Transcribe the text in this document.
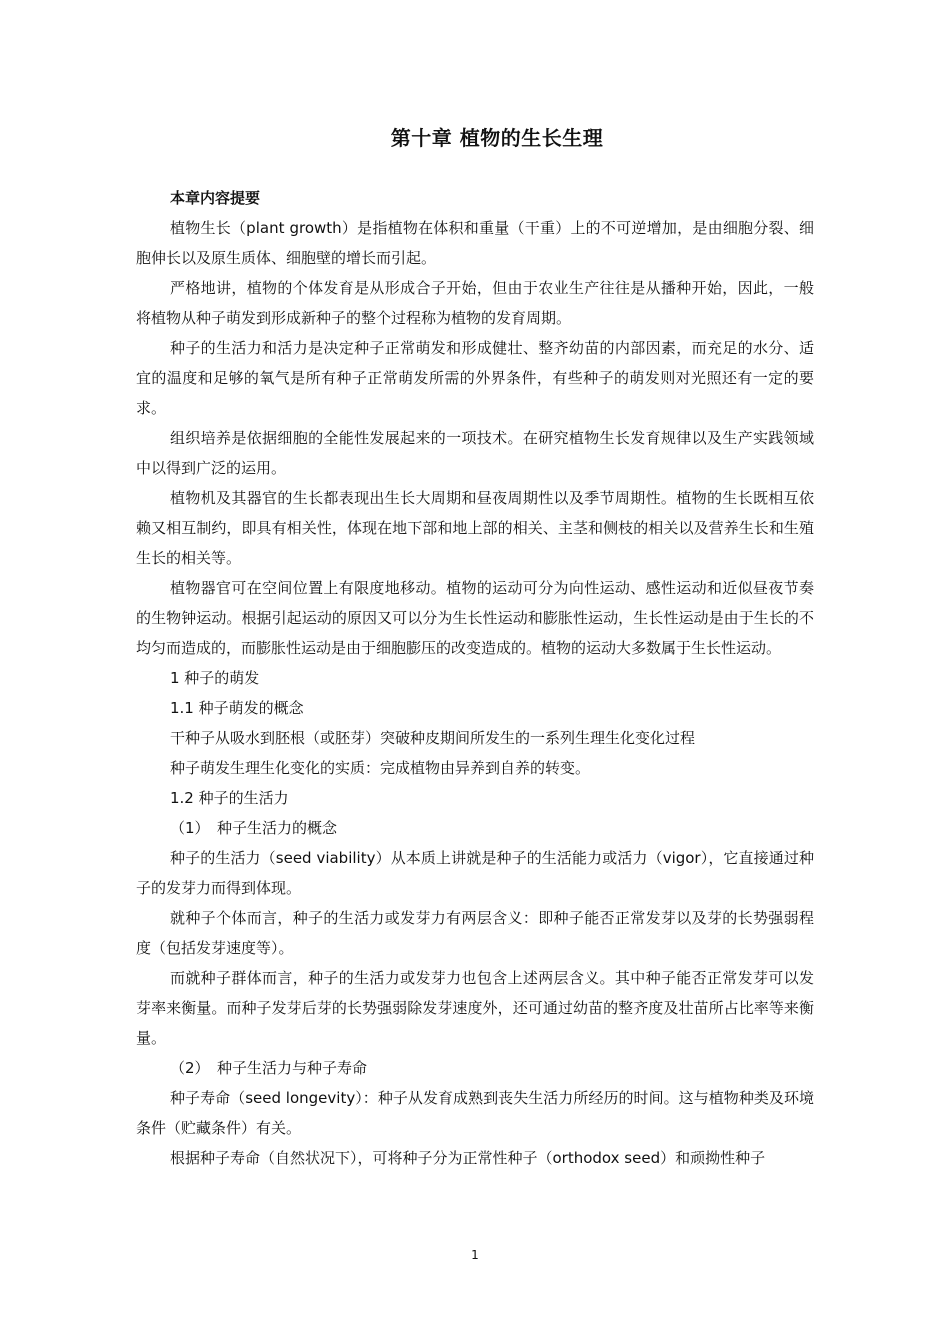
第十章 植物的生长生理

本章内容提要

植物生长（plant growth）是指植物在体积和重量（干重）上的不可逆增加，是由细胞分裂、细胞伸长以及原生质体、细胞壁的增长而引起。

严格地讲，植物的个体发育是从形成合子开始，但由于农业生产往往是从播种开始，因此，一般将植物从种子萌发到形成新种子的整个过程称为植物的发育周期。

种子的生活力和活力是决定种子正常萌发和形成健壮、整齐幼苗的内部因素，而充足的水分、适宜的温度和足够的氧气是所有种子正常萌发所需的外界条件，有些种子的萌发则对光照还有一定的要求。

组织培养是依据细胞的全能性发展起来的一项技术。在研究植物生长发育规律以及生产实践领域中以得到广泛的运用。

植物机及其器官的生长都表现出生长大周期和昼夜周期性以及季节周期性。植物的生长既相互依赖又相互制约，即具有相关性，体现在地下部和地上部的相关、主茎和侧枝的相关以及营养生长和生殖生长的相关等。

植物器官可在空间位置上有限度地移动。植物的运动可分为向性运动、感性运动和近似昼夜节奏的生物钟运动。根据引起运动的原因又可以分为生长性运动和膨胀性运动，生长性运动是由于生长的不均匀而造成的，而膨胀性运动是由于细胞膨压的改变造成的。植物的运动大多数属于生长性运动。

1 种子的萌发

1.1 种子萌发的概念

干种子从吸水到胚根（或胚芽）突破种皮期间所发生的一系列生理生化变化过程

种子萌发生理生化变化的实质：完成植物由异养到自养的转变。

1.2 种子的生活力

（1）　种子生活力的概念

种子的生活力（seed viability）从本质上讲就是种子的生活能力或活力（vigor），它直接通过种子的发芽力而得到体现。

就种子个体而言，种子的生活力或发芽力有两层含义：即种子能否正常发芽以及芽的长势强弱程度（包括发芽速度等）。

而就种子群体而言，种子的生活力或发芽力也包含上述两层含义。其中种子能否正常发芽可以发芽率来衡量。而种子发芽后芽的长势强弱除发芽速度外，还可通过幼苗的整齐度及壮苗所占比率等来衡量。

（2）　种子生活力与种子寿命

种子寿命（seed longevity）：种子从发育成熟到丧失生活力所经历的时间。这与植物种类及环境条件（贮藏条件）有关。

根据种子寿命（自然状况下），可将种子分为正常性种子（orthodox seed）和顽拗性种子

1
